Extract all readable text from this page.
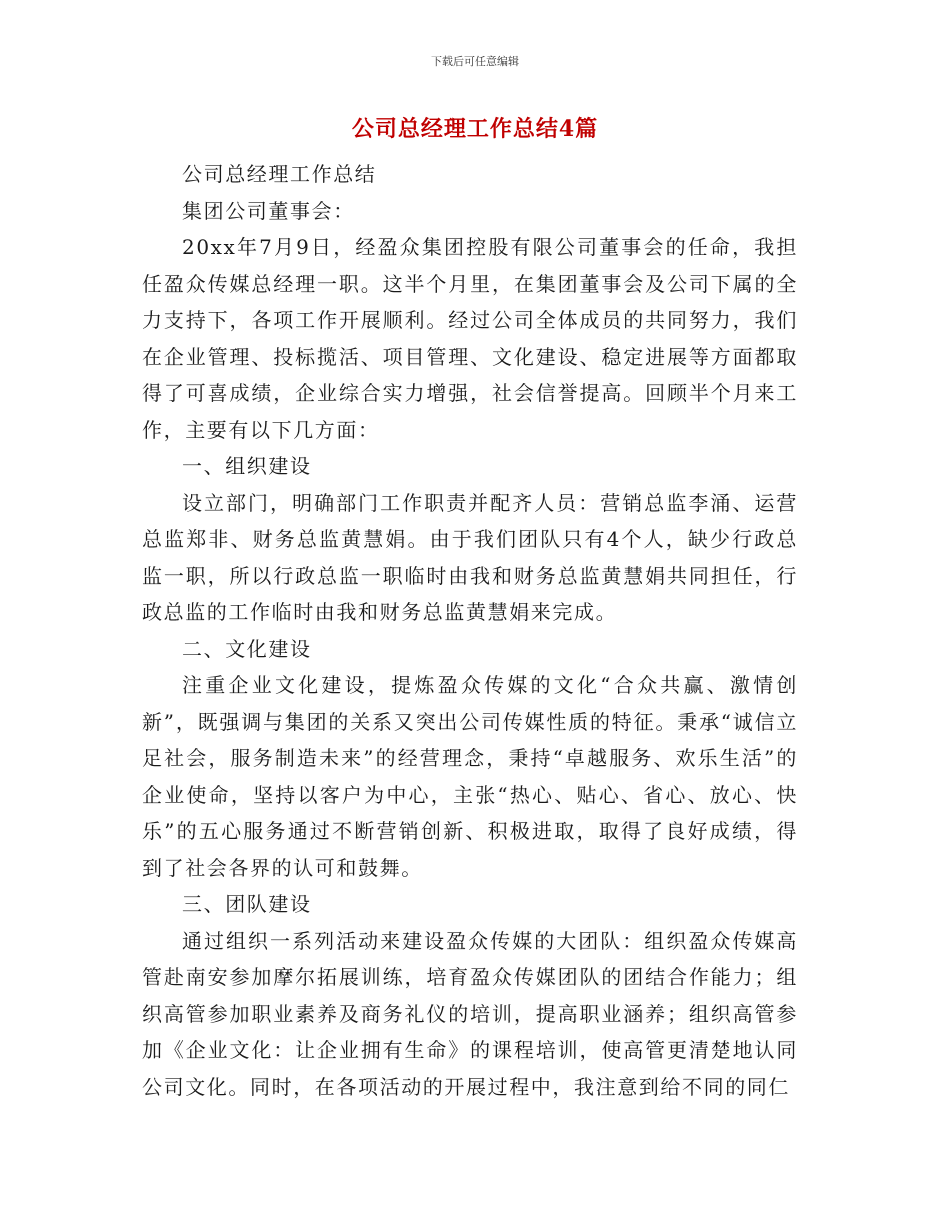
下载后可任意编辑
公司总经理工作总结4篇

公司总经理工作总结

集团公司董事会：

20xx年7月9日，经盈众集团控股有限公司董事会的任命，我担任盈众传媒总经理一职。这半个月里，在集团董事会及公司下属的全力支持下，各项工作开展顺利。经过公司全体成员的共同努力，我们在企业管理、投标揽活、项目管理、文化建设、稳定进展等方面都取得了可喜成绩，企业综合实力增强，社会信誉提高。回顾半个月来工作，主要有以下几方面：

一、组织建设

设立部门，明确部门工作职责并配齐人员：营销总监李涌、运营总监郑非、财务总监黄慧娟。由于我们团队只有4个人，缺少行政总监一职，所以行政总监一职临时由我和财务总监黄慧娟共同担任，行政总监的工作临时由我和财务总监黄慧娟来完成。

二、文化建设

注重企业文化建设，提炼盈众传媒的文化“合众共赢、激情创新”，既强调与集团的关系又突出公司传媒性质的特征。秉承“诚信立足社会，服务制造未来”的经营理念，秉持“卓越服务、欢乐生活”的企业使命，坚持以客户为中心，主张“热心、贴心、省心、放心、快乐”的五心服务通过不断营销创新、积极进取，取得了良好成绩，得到了社会各界的认可和鼓舞。

三、团队建设

通过组织一系列活动来建设盈众传媒的大团队：组织盈众传媒高管赴南安参加摩尔拓展训练，培育盈众传媒团队的团结合作能力；组织高管参加职业素养及商务礼仪的培训，提高职业涵养；组织高管参加《企业文化：让企业拥有生命》的课程培训，使高管更清楚地认同公司文化。同时，在各项活动的开展过程中，我注意到给不同的同仁
